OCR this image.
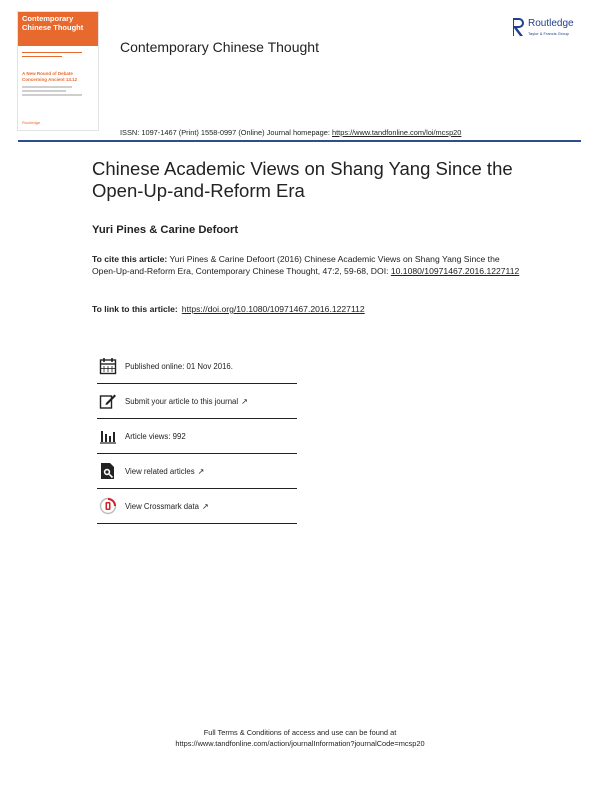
Contemporary Chinese Thought
A New Round of Debate Concerning Ancient 13.12
Routledge
Contemporary Chinese Thought
Routledge
Taylor & Francis Group
ISSN: 1097-1467 (Print) 1558-0997 (Online) Journal homepage: https://www.tandfonline.com/loi/mcsp20
Chinese Academic Views on Shang Yang Since the Open-Up-and-Reform Era
Yuri Pines & Carine Defoort
To cite this article: Yuri Pines & Carine Defoort (2016) Chinese Academic Views on Shang Yang Since the Open-Up-and-Reform Era, Contemporary Chinese Thought, 47:2, 59-68, DOI: 10.1080/10971467.2016.1227112
To link to this article: https://doi.org/10.1080/10971467.2016.1227112
Published online: 01 Nov 2016.
Submit your article to this journal ↗
Article views: 992
View related articles ↗
View Crossmark data ↗
Full Terms & Conditions of access and use can be found at
https://www.tandfonline.com/action/journalInformation?journalCode=mcsp20
